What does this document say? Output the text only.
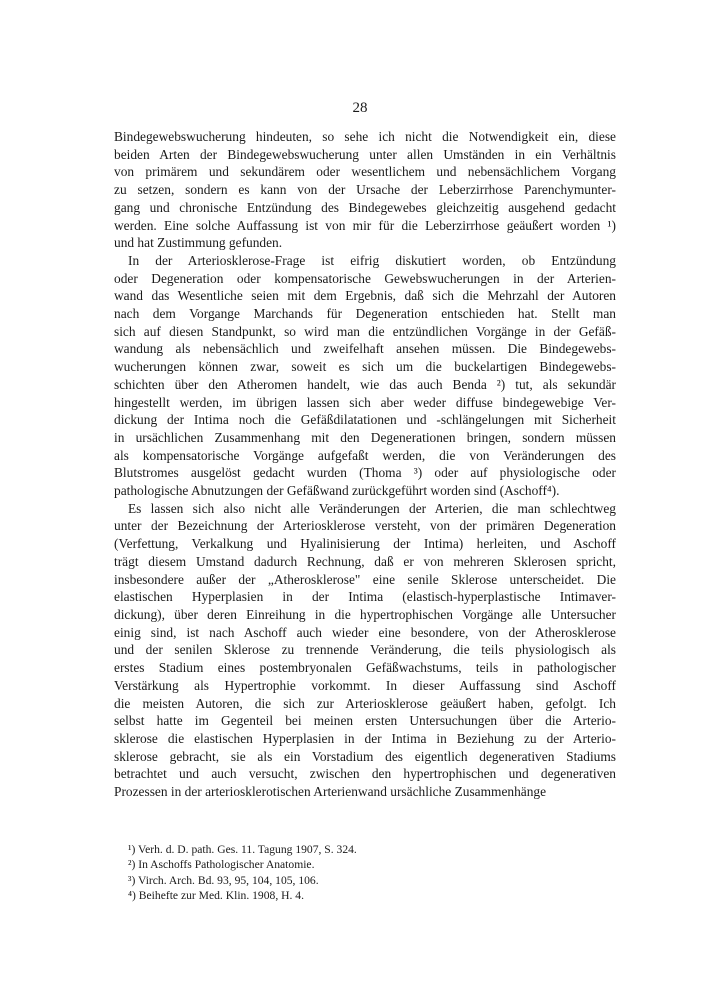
28
Bindegewebswucherung hindeuten, so sehe ich nicht die Notwendigkeit ein, diese
beiden Arten der Bindegewebswucherung unter allen Umständen in ein Verhältnis
von primärem und sekundärem oder wesentlichem und nebensächlichem Vorgang
zu setzen, sondern es kann von der Ursache der Leberzirrhose Parenchymunter-
gang und chronische Entzündung des Bindegewebes gleichzeitig ausgehend gedacht
werden. Eine solche Auffassung ist von mir für die Leberzirrhose geäußert worden ¹)
und hat Zustimmung gefunden.
In der Arteriosklerose-Frage ist eifrig diskutiert worden, ob Entzündung
oder Degeneration oder kompensatorische Gewebswucherungen in der Arterien-
wand das Wesentliche seien mit dem Ergebnis, daß sich die Mehrzahl der Autoren
nach dem Vorgange Marchands für Degeneration entschieden hat. Stellt man
sich auf diesen Standpunkt, so wird man die entzündlichen Vorgänge in der Gefäß-
wandung als nebensächlich und zweifelhaft ansehen müssen. Die Bindegewebs-
wucherungen können zwar, soweit es sich um die buckelartigen Bindegewebs-
schichten über den Atheromen handelt, wie das auch Benda ²) tut, als sekundär
hingestellt werden, im übrigen lassen sich aber weder diffuse bindegewebige Ver-
dickung der Intima noch die Gefäßdilatationen und -schlängelungen mit Sicherheit
in ursächlichen Zusammenhang mit den Degenerationen bringen, sondern müssen
als kompensatorische Vorgänge aufgefaßt werden, die von Veränderungen des
Blutstromes ausgelöst gedacht wurden (Thoma ³) oder auf physiologische oder
pathologische Abnutzungen der Gefäßwand zurückgeführt worden sind (Aschoff⁴).
Es lassen sich also nicht alle Veränderungen der Arterien, die man schlechtweg
unter der Bezeichnung der Arteriosklerose versteht, von der primären Degeneration
(Verfettung, Verkalkung und Hyalinisierung der Intima) herleiten, und Aschoff
trägt diesem Umstand dadurch Rechnung, daß er von mehreren Sklerosen spricht,
insbesondere außer der „Atherosklerose" eine senile Sklerose unterscheidet. Die
elastischen Hyperplasien in der Intima (elastisch-hyperplastische Intimaver-
dickung), über deren Einreihung in die hypertrophischen Vorgänge alle Untersucher
einig sind, ist nach Aschoff auch wieder eine besondere, von der Atherosklerose
und der senilen Sklerose zu trennende Veränderung, die teils physiologisch als
erstes Stadium eines postembryonalen Gefäßwachstums, teils in pathologischer
Verstärkung als Hypertrophie vorkommt. In dieser Auffassung sind Aschoff
die meisten Autoren, die sich zur Arteriosklerose geäußert haben, gefolgt. Ich
selbst hatte im Gegenteil bei meinen ersten Untersuchungen über die Arterio-
sklerose die elastischen Hyperplasien in der Intima in Beziehung zu der Arterio-
sklerose gebracht, sie als ein Vorstadium des eigentlich degenerativen Stadiums
betrachtet und auch versucht, zwischen den hypertrophischen und degenerativen
Prozessen in der arteriosklerotischen Arterienwand ursächliche Zusammenhänge
¹) Verh. d. D. path. Ges. 11. Tagung 1907, S. 324.
²) In Aschoffs Pathologischer Anatomie.
³) Virch. Arch. Bd. 93, 95, 104, 105, 106.
⁴) Beihefte zur Med. Klin. 1908, H. 4.
